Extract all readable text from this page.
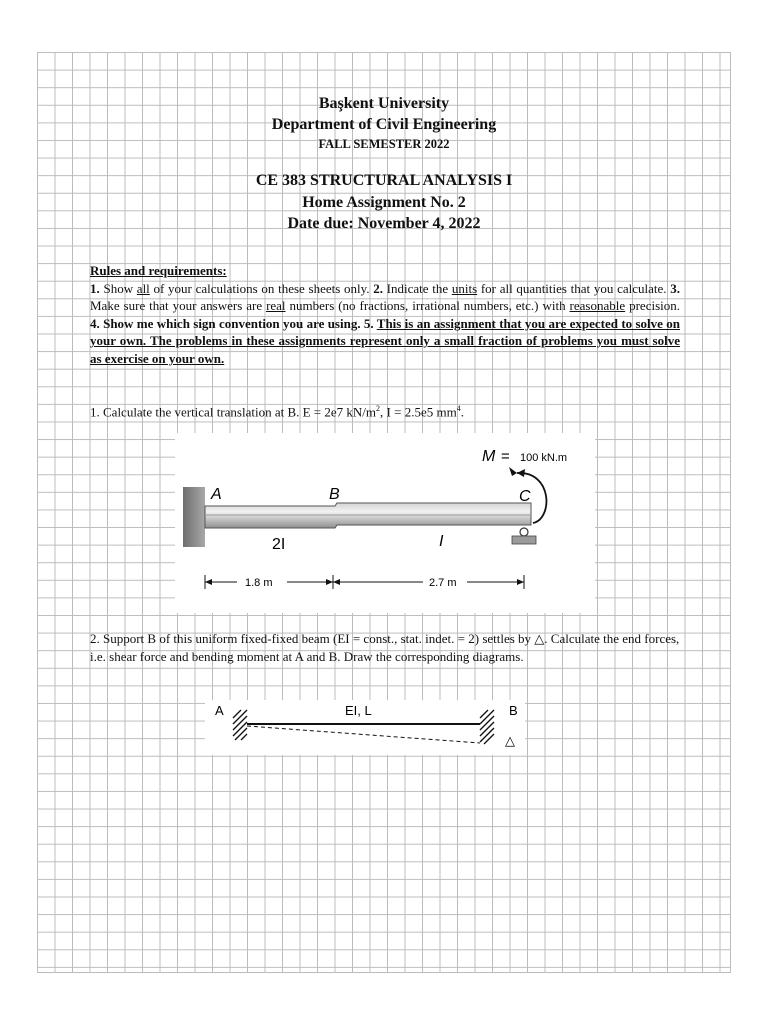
Başkent University
Department of Civil Engineering
FALL SEMESTER 2022
CE 383 STRUCTURAL ANALYSIS I
Home Assignment No. 2
Date due: November 4, 2022
Rules and requirements:
1. Show all of your calculations on these sheets only. 2. Indicate the units for all quantities that you calculate. 3. Make sure that your answers are real numbers (no fractions, irrational numbers, etc.) with reasonable precision. 4. Show me which sign convention you are using. 5. This is an assignment that you are expected to solve on your own. The problems in these assignments represent only a small fraction of problems you must solve as exercise on your own.
1. Calculate the vertical translation at B. E = 2e7 $kN/m^2$, I = 2.5e5 $mm^4$.
M = 100 kN.m
A	B	C
2I	I
1.8 m	2.7 m
2. Support B of this uniform fixed-fixed beam (EI = const., stat. indet. = 2) settles by △. Calculate the end forces, i.e. shear force and bending moment at A and B. Draw the corresponding diagrams.
A	EI, L	B
△
